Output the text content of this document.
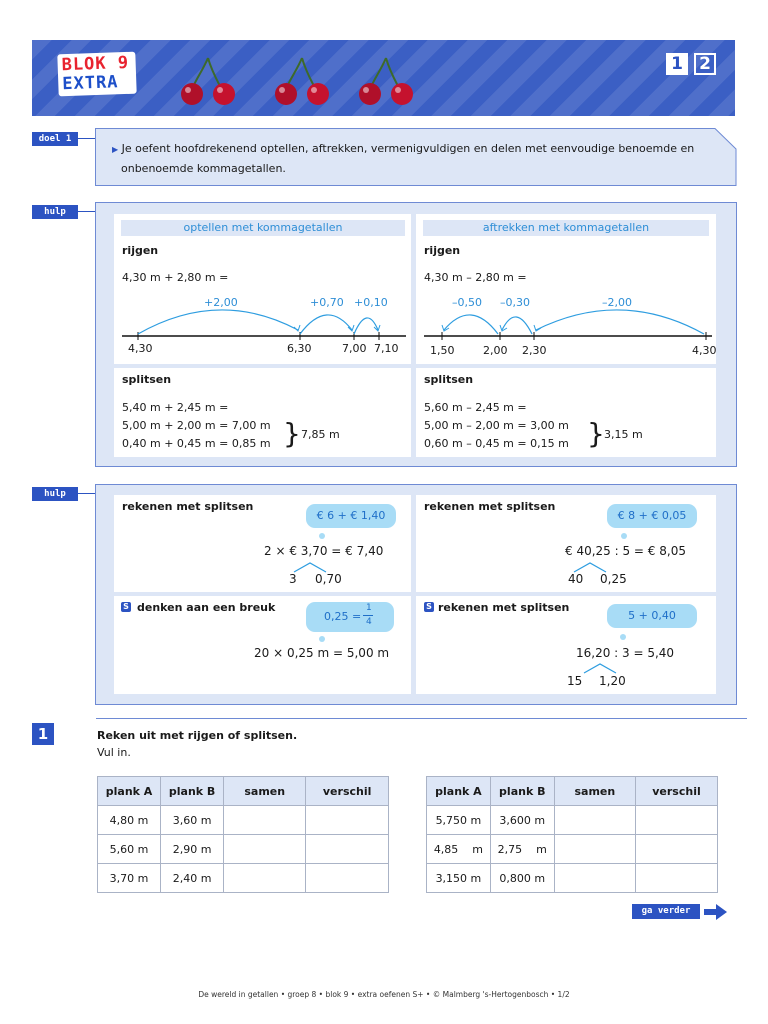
BLOK 9
EXTRA
1 2
doel 1
▶ Je oefent hoofdrekenend optellen, aftrekken, vermenigvuldigen en delen met eenvoudige benoemde en
onbenoemde kommagetallen.
hulp
optellen met kommagetallen
rijgen
4,30 m + 2,80 m =
+2,00	+0,70 +0,10
4,30	6,30	7,00 7,10
aftrekken met kommagetallen
rijgen
4,30 m – 2,80 m =
–0,50 –0,30	–2,00
1,50	2,00 2,30	4,30
splitsen
5,40 m + 2,45 m =
5,00 m + 2,00 m = 7,00 m
0,40 m + 0,45 m = 0,85 m } 7,85 m
splitsen
5,60 m – 2,45 m =
5,00 m – 2,00 m = 3,00 m
0,60 m – 0,45 m = 0,15 m } 3,15 m
hulp
rekenen met splitsen
€ 6 + € 1,40
2 × € 3,70 = € 7,40
3 0,70
rekenen met splitsen
€ 8 + € 0,05
€ 40,25 : 5 = € 8,05
40 0,25
S denken aan een breuk
0,25 =
1
4
20 × 0,25 m = 5,00 m
S rekenen met splitsen
5 + 0,40
16,20 : 3 = 5,40
15 1,20
1	Reken uit met rijgen of splitsen.
Vul in.
plank A	plank B	samen	verschil
4,80 m	3,60 m		
5,60 m	2,90 m		
3,70 m	2,40 m		
plank A	plank B	samen	verschil
5,750 m	3,600 m		
4,85    m	2,75    m		
3,150 m	0,800 m		
ga verder
De wereld in getallen • groep 8 • blok 9 • extra oefenen S+ • © Malmberg 's-Hertogenbosch • 1/2
